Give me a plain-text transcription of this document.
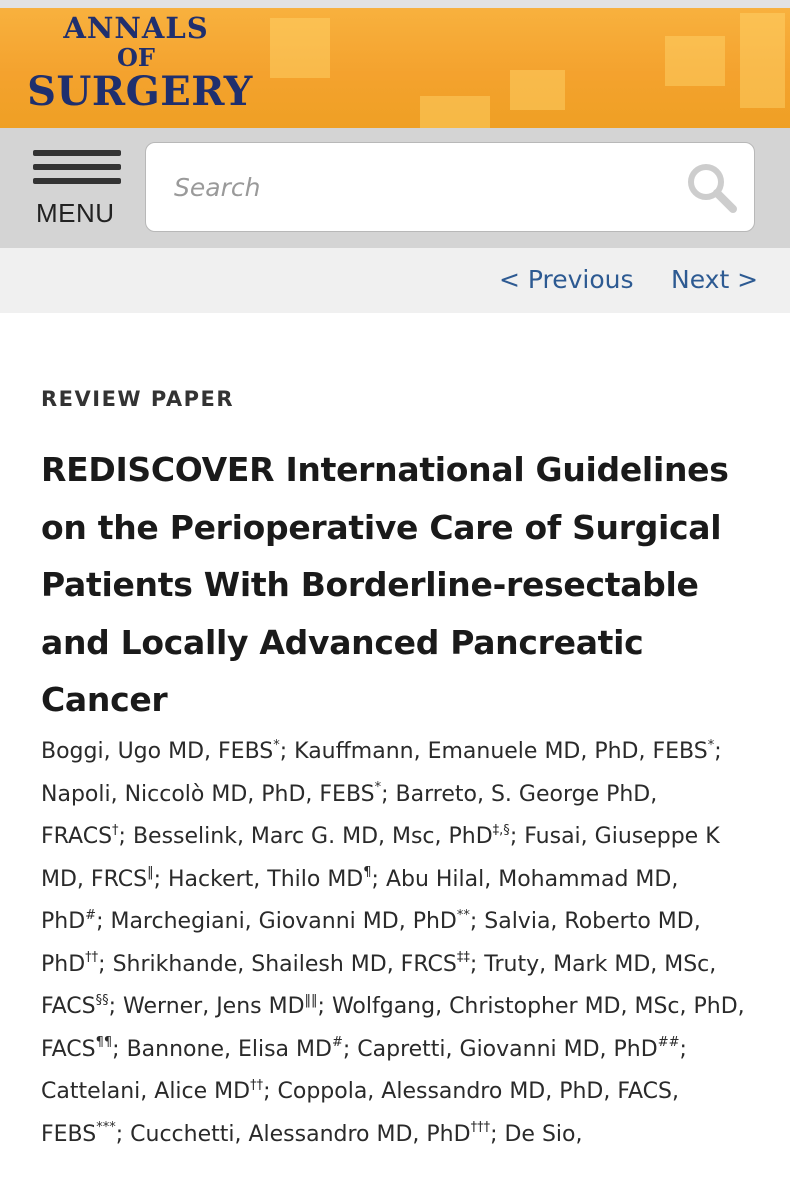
ANNALS
OF
SURGERY
MENU
Search
< Previous Next >
REVIEW PAPER
REDISCOVER International Guidelines on the Perioperative Care of Surgical Patients With Borderline-resectable and Locally Advanced Pancreatic Cancer

Boggi, Ugo MD, FEBS*; Kauffmann, Emanuele MD, PhD, FEBS*; Napoli, Niccolò MD, PhD, FEBS*; Barreto, S. George PhD, FRACS†; Besselink, Marc G. MD, Msc, PhD‡,§; Fusai, Giuseppe K MD, FRCS‖; Hackert, Thilo MD¶; Abu Hilal, Mohammad MD, PhD#; Marchegiani, Giovanni MD, PhD**; Salvia, Roberto MD, PhD††; Shrikhande, Shailesh MD, FRCS‡‡; Truty, Mark MD, MSc, FACS§§; Werner, Jens MD‖‖; Wolfgang, Christopher MD, MSc, PhD, FACS¶¶; Bannone, Elisa MD#; Capretti, Giovanni MD, PhD##; Cattelani, Alice MD††; Coppola, Alessandro MD, PhD, FACS, FEBS***; Cucchetti, Alessandro MD, PhD†††; De Sio,
